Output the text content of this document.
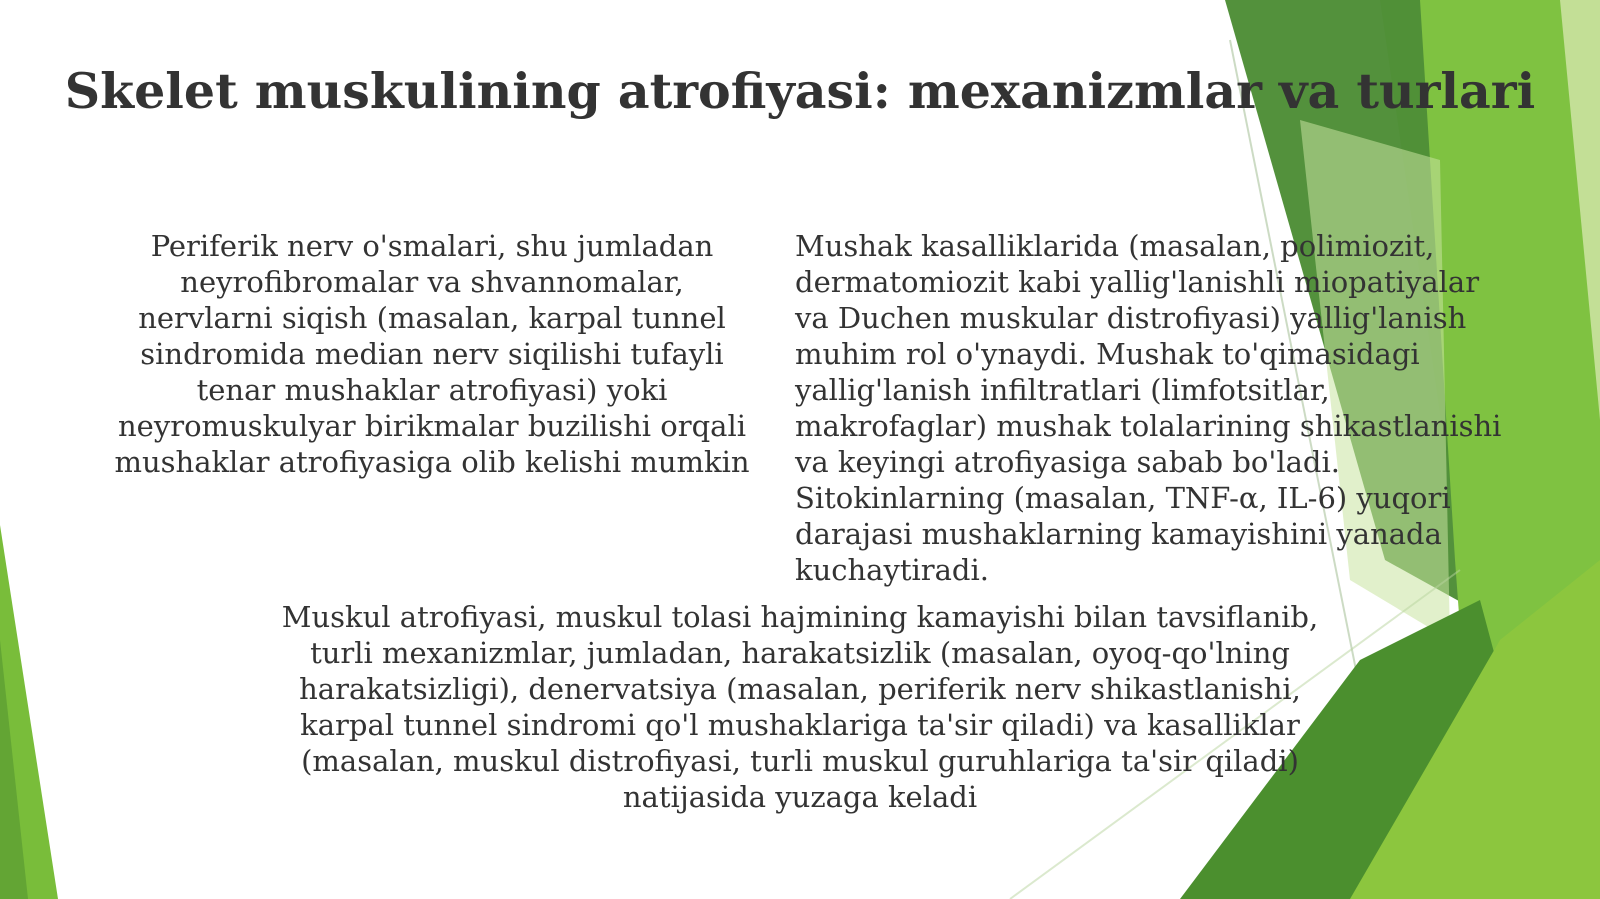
Skelet muskulining atrofiyasi: mexanizmlar va turlari
Periferik nerv o'smalari, shu jumladan
neyrofibromalar va shvannomalar,
nervlarni siqish (masalan, karpal tunnel
sindromida median nerv siqilishi tufayli
tenar mushaklar atrofiyasi) yoki
neyromuskulyar birikmalar buzilishi orqali
mushaklar atrofiyasiga olib kelishi mumkin
Mushak kasalliklarida (masalan, polimiozit,
dermatomiozit kabi yallig'lanishli miopatiyalar
va Duchen muskular distrofiyasi) yallig'lanish
muhim rol o'ynaydi. Mushak to'qimasidagi
yallig'lanish infiltratlari (limfotsitlar,
makrofaglar) mushak tolalarining shikastlanishi
va keyingi atrofiyasiga sabab bo'ladi.
Sitokinlarning (masalan, TNF-α, IL-6) yuqori
darajasi mushaklarning kamayishini yanada
kuchaytiradi.
Muskul atrofiyasi, muskul tolasi hajmining kamayishi bilan tavsiflanib,
turli mexanizmlar, jumladan, harakatsizlik (masalan, oyoq-qo'lning
harakatsizligi), denervatsiya (masalan, periferik nerv shikastlanishi,
karpal tunnel sindromi qo'l mushaklariga ta'sir qiladi) va kasalliklar
(masalan, muskul distrofiyasi, turli muskul guruhlariga ta'sir qiladi)
natijasida yuzaga keladi
